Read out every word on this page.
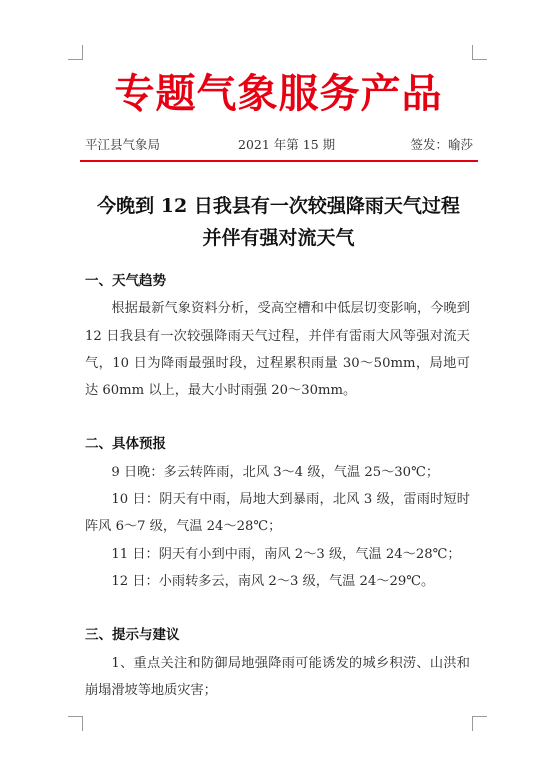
专题气象服务产品
平江县气象局	2021 年第 15 期	签发：喻莎
今晚到 12 日我县有一次较强降雨天气过程
并伴有强对流天气
一、天气趋势
根据最新气象资料分析，受高空槽和中低层切变影响，今晚到 12 日我县有一次较强降雨天气过程，并伴有雷雨大风等强对流天气，10 日为降雨最强时段，过程累积雨量 30～50mm，局地可达 60mm 以上，最大小时雨强 20～30mm。
二、具体预报
9 日晚：多云转阵雨，北风 3～4 级，气温 25～30℃；
10 日：阴天有中雨，局地大到暴雨，北风 3 级，雷雨时短时阵风 6～7 级，气温 24～28℃；
11 日：阴天有小到中雨，南风 2～3 级，气温 24～28℃；
12 日：小雨转多云，南风 2～3 级，气温 24～29℃。
三、提示与建议
1、重点关注和防御局地强降雨可能诱发的城乡积涝、山洪和崩塌滑坡等地质灾害；
